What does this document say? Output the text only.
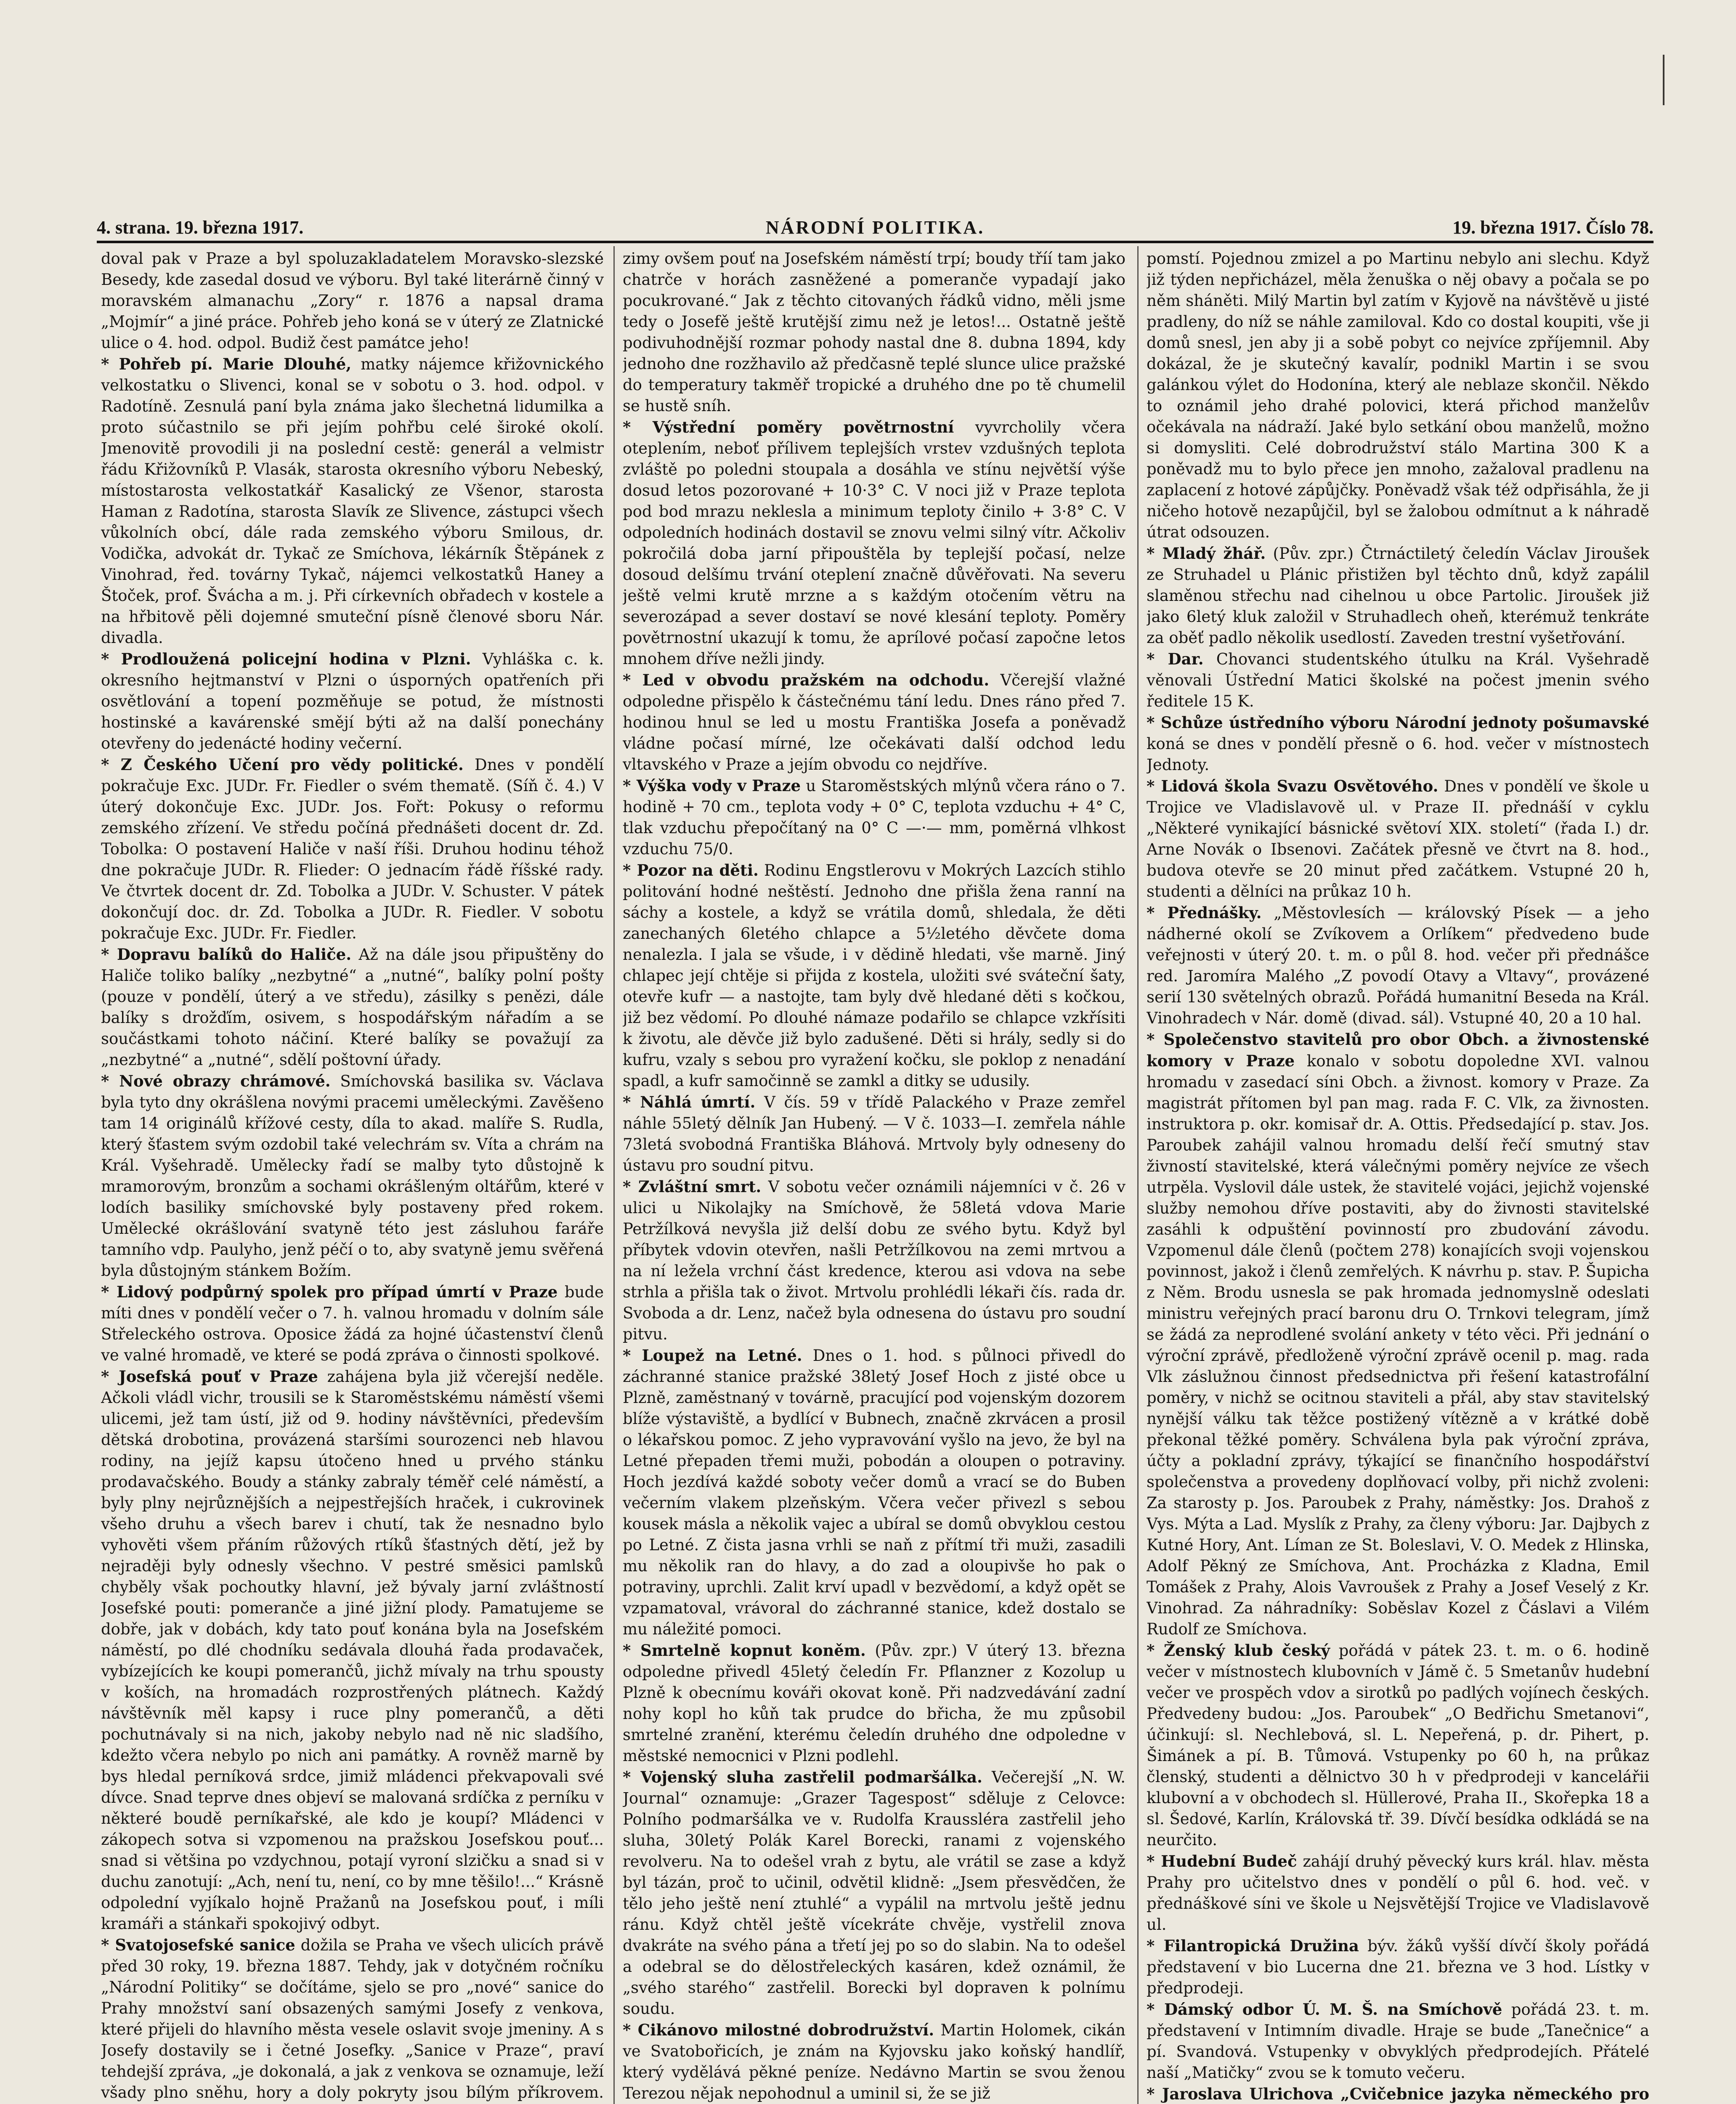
4. strana. 19. března 1917.	NÁRODNÍ POLITIKA.	19. března 1917. Číslo 78.

doval pak v Praze a byl spoluzakladatelem Moravsko-slezské Besedy, kde zasedal dosud ve výboru. Byl také literárně činný v moravském almanachu „Zory“ r. 1876 a napsal drama „Mojmír“ a jiné práce. Pohřeb jeho koná se v úterý ze Zlatnické ulice o 4. hod. odpol. Budiž čest památce jeho!

* Pohřeb pí. Marie Dlouhé, matky nájemce křižovnického velkostatku o Slivenci, konal se v sobotu o 3. hod. odpol. v Radotíně. Zesnulá paní byla známa jako šlechetná lidumilka a proto súčastnilo se při jejím pohřbu celé široké okolí. Jmenovitě provodili ji na poslední cestě: generál a velmistr řádu Křižovníků P. Vlasák, starosta okresního výboru Nebeský, místostarosta velkostatkář Kasalický ze Všenor, starosta Haman z Radotína, starosta Slavík ze Slivence, zástupci všech vůkolních obcí, dále rada zemského výboru Smilous, dr. Vodička, advokát dr. Tykač ze Smíchova, lékárník Štěpánek z Vinohrad, řed. továrny Tykač, nájemci velkostatků Haney a Štoček, prof. Švácha a m. j. Při církevních obřadech v kostele a na hřbitově pěli dojemné smuteční písně členové sboru Nár. divadla.

* Prodloužená policejní hodina v Plzni. Vyhláška c. k. okresního hejtmanství v Plzni o úsporných opatřeních při osvětlování a topení pozměňuje se potud, že místnosti hostinské a kavárenské smějí býti až na další ponechány otevřeny do jedenácté hodiny večerní.

* Z Českého Učení pro vědy politické. Dnes v pondělí pokračuje Exc. JUDr. Fr. Fiedler o svém thematě. (Síň č. 4.) V úterý dokončuje Exc. JUDr. Jos. Fořt: Pokusy o reformu zemského zřízení. Ve středu počíná přednášeti docent dr. Zd. Tobolka: O postavení Haliče v naší říši. Druhou hodinu téhož dne pokračuje JUDr. R. Flieder: O jednacím řádě říšské rady. Ve čtvrtek docent dr. Zd. Tobolka a JUDr. V. Schuster. V pátek dokončují doc. dr. Zd. Tobolka a JUDr. R. Fiedler. V sobotu pokračuje Exc. JUDr. Fr. Fiedler.

* Dopravu balíků do Haliče. Až na dále jsou připuštěny do Haliče toliko balíky „nezbytné“ a „nutné“, balíky polní pošty (pouze v pondělí, úterý a ve středu), zásilky s penězi, dále balíky s drožďím, osivem, s hospodářským nářadím a se součástkami tohoto náčiní. Které balíky se považují za „nezbytné“ a „nutné“, sdělí poštovní úřady.

* Nové obrazy chrámové. Smíchovská basilika sv. Václava byla tyto dny okrášlena novými pracemi uměleckými. Zavěšeno tam 14 originálů křížové cesty, díla to akad. malíře S. Rudla, který šťastem svým ozdobil také velechrám sv. Víta a chrám na Král. Vyšehradě. Umělecky řadí se malby tyto důstojně k mramorovým, bronzům a sochami okrášleným oltářům, které v lodích basiliky smíchovské byly postaveny před rokem. Umělecké okrášlování svatyně této jest zásluhou faráře tamního vdp. Paulyho, jenž péčí o to, aby svatyně jemu svěřená byla důstojným stánkem Božím.

* Lidový podpůrný spolek pro případ úmrtí v Praze bude míti dnes v pondělí večer o 7. h. valnou hromadu v dolním sále Střeleckého ostrova. Oposice žádá za hojné účastenství členů ve valné hromadě, ve které se podá zpráva o činnosti spolkové.

* Josefská pouť v Praze zahájena byla již včerejší neděle. Ačkoli vládl vichr, trousili se k Staroměstskému náměstí všemi ulicemi, jež tam ústí, již od 9. hodiny návštěvníci, především dětská drobotina, provázená staršími sourozenci neb hlavou rodiny, na jejíž kapsu útočeno hned u prvého stánku prodavačského. Boudy a stánky zabraly téměř celé náměstí, a byly plny nejrůznějších a nejpestřejších hraček, i cukrovinek všeho druhu a všech barev i chutí, tak že nesnadno bylo vyhověti všem přáním růžových rtíků šťastných dětí, jež by nejraději byly odnesly všechno. V pestré směsici pamlsků chyběly však pochoutky hlavní, jež bývaly jarní zvláštností Josefské pouti: pomeranče a jiné jižní plody. Pamatujeme se dobře, jak v dobách, kdy tato pouť konána byla na Josefském náměstí, po dlé chodníku sedávala dlouhá řada prodavaček, vybízejících ke koupi pomerančů, jichž mívaly na trhu spousty v koších, na hromadách rozprostřených plátnech. Každý návštěvník měl kapsy i ruce plny pomerančů, a děti pochutnávaly si na nich, jakoby nebylo nad ně nic sladšího, kdežto včera nebylo po nich ani památky. A rovněž marně by bys hledal perníková srdce, jimiž mládenci překvapovali své dívce. Snad teprve dnes objeví se malovaná srdíčka z perníku v některé boudě perníkařské, ale kdo je koupí? Mládenci v zákopech sotva si vzpomenou na pražskou Josefskou pouť... snad si většina po vzdychnou, potají vyroní slzičku a snad si v duchu zanotují: „Ach, není tu, není, co by mne těšilo!...“ Krásně odpolední vyjíkalo hojně Pražanů na Josefskou pouť, i míli kramáři a stánkaři spokojivý odbyt.

* Svatojosefské sanice dožila se Praha ve všech ulicích právě před 30 roky, 19. března 1887. Tehdy, jak v dotyčném ročníku „Národní Politiky“ se dočítáme, sjelo se pro „nové“ sanice do Prahy množství saní obsazených samými Josefy z venkova, které přijeli do hlavního města vesele oslavit svoje jmeniny. A s Josefy dostavily se i četné Josefky. „Sanice v Praze“, praví tehdejší zpráva, „je dokonalá, a jak z venkova se oznamuje, leží všady plno sněhu, hory a doly pokryty jsou bílým příkrovem.

zimy ovšem pouť na Josefském náměstí trpí; boudy tříí tam jako chatrče v horách zasněžené a pomeranče vypadají jako pocukrované.“ Jak z těchto citovaných řádků vidno, měli jsme tedy o Josefě ještě krutější zimu než je letos!... Ostatně ještě podivuhodnější rozmar pohody nastal dne 8. dubna 1894, kdy jednoho dne rozžhavilo až předčasně teplé slunce ulice pražské do temperatury takměř tropické a druhého dne po tě chumelil se hustě sníh.

* Výstřední poměry povětrnostní vyvrcholily včera oteplením, neboť přílivem teplejších vrstev vzdušných teplota zvláště po poledni stoupala a dosáhla ve stínu největší výše dosud letos pozorované + 10·3° C. V noci již v Praze teplota pod bod mrazu neklesla a minimum teploty činilo + 3·8° C. V odpoledních hodinách dostavil se znovu velmi silný vítr. Ačkoliv pokročilá doba jarní připouštěla by teplejší počasí, nelze dosoud delšímu trvání oteplení značně důvěřovati. Na severu ještě velmi krutě mrzne a s každým otočením větru na severozápad a sever dostaví se nové klesání teploty. Poměry povětrnostní ukazují k tomu, že aprílové počasí započne letos mnohem dříve nežli jindy.

* Led v obvodu pražském na odchodu. Včerejší vlažné odpoledne přispělo k částečnému tání ledu. Dnes ráno před 7. hodinou hnul se led u mostu Františka Josefa a poněvadž vládne počasí mírné, lze očekávati další odchod ledu vltavského v Praze a jejím obvodu co nejdříve.

* Výška vody v Praze u Staroměstských mlýnů včera ráno o 7. hodině + 70 cm., teplota vody + 0° C, teplota vzduchu + 4° C, tlak vzduchu přepočítaný na 0° C —·— mm, poměrná vlhkost vzduchu 75/0.

* Pozor na děti. Rodinu Engstlerovu v Mokrých Lazcích stihlo politování hodné neštěstí. Jednoho dne přišla žena ranní na sáchy a kostele, a když se vrátila domů, shledala, že děti zanechaných 6letého chlapce a 5½letého děvčete doma nenalezla. I jala se všude, i v dědině hledati, vše marně. Jiný chlapec její chtěje si přijda z kostela, uložiti své sváteční šaty, otevře kufr — a nastojte, tam byly dvě hledané děti s kočkou, již bez vědomí. Po dlouhé námaze podařilo se chlapce vzkřísiti k životu, ale děvče již bylo zadušené. Děti si hrály, sedly si do kufru, vzaly s sebou pro vyražení kočku, sle poklop z nenadání spadl, a kufr samočinně se zamkl a ditky se udusily.

* Náhlá úmrtí. V čís. 59 v třídě Palackého v Praze zemřel náhle 55letý dělník Jan Hubený. — V č. 1033—I. zemřela náhle 73letá svobodná Františka Bláhová. Mrtvoly byly odneseny do ústavu pro soudní pitvu.

* Zvláštní smrt. V sobotu večer oznámili nájemníci v č. 26 v ulici u Nikolajky na Smíchově, že 58letá vdova Marie Petržílková nevyšla již delší dobu ze svého bytu. Když byl příbytek vdovin otevřen, našli Petržílkovou na zemi mrtvou a na ní ležela vrchní část kredence, kterou asi vdova na sebe strhla a přišla tak o život. Mrtvolu prohlédli lékaři čís. rada dr. Svoboda a dr. Lenz, načež byla odnesena do ústavu pro soudní pitvu.

* Loupež na Letné. Dnes o 1. hod. s půlnoci přivedl do záchranné stanice pražské 38letý Josef Hoch z jisté obce u Plzně, zaměstnaný v továrně, pracující pod vojenským dozorem blíže výstaviště, a bydlící v Bubnech, značně zkrvácen a prosil o lékařskou pomoc. Z jeho vypravování vyšlo na jevo, že byl na Letné přepaden třemi muži, pobodán a oloupen o potraviny. Hoch jezdívá každé soboty večer domů a vrací se do Buben večerním vlakem plzeňským. Včera večer přivezl s sebou kousek másla a několik vajec a ubíral se domů obvyklou cestou po Letné. Z čista jasna vrhli se naň z přítmí tři muži, zasadili mu několik ran do hlavy, a do zad a oloupivše ho pak o potraviny, uprchli. Zalit krví upadl v bezvědomí, a když opět se vzpamatoval, vrávoral do záchranné stanice, kdež dostalo se mu náležité pomoci.

* Smrtelně kopnut koněm. (Pův. zpr.) V úterý 13. března odpoledne přivedl 45letý čeledín Fr. Pflanzner z Kozolup u Plzně k obecnímu kováři okovat koně. Při nadzvedávání zadní nohy kopl ho kůň tak prudce do břicha, že mu způsobil smrtelné zranění, kterému čeledín druhého dne odpoledne v městské nemocnici v Plzni podlehl.

* Vojenský sluha zastřelil podmaršálka. Večerejší „N. W. Journal“ oznamuje: „Grazer Tagespost“ sděluje z Celovce: Polního podmaršálka ve v. Rudolfa Kraussléra zastřelil jeho sluha, 30letý Polák Karel Borecki, ranami z vojenského revolveru. Na to odešel vrah z bytu, ale vrátil se zase a když byl tázán, proč to učinil, odvětil klidně: „Jsem přesvědčen, že tělo jeho ještě není ztuhlé“ a vypálil na mrtvolu ještě jednu ránu. Když chtěl ještě vícekráte chvěje, vystřelil znova dvakráte na svého pána a třetí jej po so do slabin. Na to odešel a odebral se do dělostřeleckých kasáren, kdež oznámil, že „svého starého“ zastřelil. Borecki byl dopraven k polnímu soudu.

* Cikánovo milostné dobrodružství. Martin Holomek, cikán ve Svatobořicích, je znám na Kyjovsku jako koňský handlíř, který vydělává pěkné peníze. Nedávno Martin se svou ženou Terezou nějak nepohodnul a uminil si, že se již

pomstí. Pojednou zmizel a po Martinu nebylo ani slechu. Když již týden nepřicházel, měla ženuška o něj obavy a počala se po něm sháněti. Milý Martin byl zatím v Kyjově na návštěvě u jisté pradleny, do níž se náhle zamiloval. Kdo co dostal koupiti, vše ji domů snesl, jen aby ji a sobě pobyt co nejvíce zpříjemnil. Aby dokázal, že je skutečný kavalír, podnikl Martin i se svou galánkou výlet do Hodonína, který ale neblaze skončil. Někdo to oznámil jeho drahé polovici, která přichod manželův očekávala na nádraží. Jaké bylo setkání obou manželů, možno si domysliti. Celé dobrodružství stálo Martina 300 K a poněvadž mu to bylo přece jen mnoho, zažaloval pradlenu na zaplacení z hotové zápůjčky. Poněvadž však též odpřisáhla, že ji ničeho hotově nezapůjčil, byl se žalobou odmítnut a k náhradě útrat odsouzen.

* Mladý žhář. (Pův. zpr.) Čtrnáctiletý čeledín Václav Jiroušek ze Struhadel u Plánic přistižen byl těchto dnů, když zapálil slaměnou střechu nad cihelnou u obce Partolic. Jiroušek již jako 6letý kluk založil v Struhadlech oheň, kterémuž tenkráte za oběť padlo několik usedlostí. Zaveden trestní vyšetřování.

* Dar. Chovanci studentského útulku na Král. Vyšehradě věnovali Ústřední Matici školské na počest jmenin svého ředitele 15 K.

* Schůze ústředního výboru Národní jednoty pošumavské koná se dnes v pondělí přesně o 6. hod. večer v místnostech Jednoty.

* Lidová škola Svazu Osvětového. Dnes v pondělí ve škole u Trojice ve Vladislavově ul. v Praze II. přednáší v cyklu „Některé vynikající básnické světoví XIX. století“ (řada I.) dr. Arne Novák o Ibsenovi. Začátek přesně ve čtvrt na 8. hod., budova otevře se 20 minut před začátkem. Vstupné 20 h, studenti a dělníci na průkaz 10 h.

* Přednášky. „Městovlesích — královský Písek — a jeho nádherné okolí se Zvíkovem a Orlíkem“ předvedeno bude veřejnosti v úterý 20. t. m. o půl 8. hod. večer při přednášce red. Jaromíra Malého „Z povodí Otavy a Vltavy“, provázené serií 130 světelných obrazů. Pořádá humanitní Beseda na Král. Vinohradech v Nár. domě (divad. sál). Vstupné 40, 20 a 10 hal.

* Společenstvo stavitelů pro obor Obch. a živnostenské komory v Praze konalo v sobotu dopoledne XVI. valnou hromadu v zasedací síni Obch. a živnost. komory v Praze. Za magistrát přítomen byl pan mag. rada F. C. Vlk, za živnosten. instruktora p. okr. komisař dr. A. Ottis. Předsedající p. stav. Jos. Paroubek zahájil valnou hromadu delší řečí smutný stav živností stavitelské, která válečnými poměry nejvíce ze všech utrpěla. Vyslovil dále ustek, že stavitelé vojáci, jejichž vojenské služby nemohou dříve postaviti, aby do živnosti stavitelské zasáhli k odpuštění povinností pro zbudování závodu. Vzpomenul dále členů (počtem 278) konajících svoji vojenskou povinnost, jakož i členů zemřelých. K návrhu p. stav. P. Šupicha z Něm. Brodu usnesla se pak hromada jednomyslně odeslati ministru veřejných prací baronu dru O. Trnkovi telegram, jímž se žádá za neprodlené svolání ankety v této věci. Při jednání o výroční zprávě, předloženě výroční zprávě ocenil p. mag. rada Vlk záslužnou činnost předsednictva při řešení katastrofální poměry, v nichž se ocitnou staviteli a přál, aby stav stavitelský nynější válku tak těžce postižený vítězně a v krátké době překonal těžké poměry. Schválena byla pak výroční zpráva, účty a pokladní zprávy, týkající se finančního hospodářství společenstva a provedeny doplňovací volby, při nichž zvoleni: Za starosty p. Jos. Paroubek z Prahy, náměstky: Jos. Drahoš z Vys. Mýta a Lad. Myslík z Prahy, za členy výboru: Jar. Dajbych z Kutné Hory, Ant. Líman ze St. Boleslavi, V. O. Medek z Hlinska, Adolf Pěkný ze Smíchova, Ant. Procházka z Kladna, Emil Tomášek z Prahy, Alois Vavroušek z Prahy a Josef Veselý z Kr. Vinohrad. Za náhradníky: Soběslav Kozel z Čáslavi a Vilém Rudolf ze Smíchova.

* Ženský klub český pořádá v pátek 23. t. m. o 6. hodině večer v místnostech klubovních v Jámě č. 5 Smetanův hudební večer ve prospěch vdov a sirotků po padlých vojínech českých. Předvedeny budou: „Jos. Paroubek“ „O Bedřichu Smetanovi“, účinkují: sl. Nechlebová, sl. L. Nepeřená, p. dr. Pihert, p. Šimánek a pí. B. Tůmová. Vstupenky po 60 h, na průkaz členský, studenti a dělnictvo 30 h v předprodeji v kancelářii klubovní a v obchodech sl. Hüllerové, Praha II., Skořepka 18 a sl. Šedové, Karlín, Královská tř. 39. Dívčí besídka odkládá se na neurčito.

* Hudební Budeč zahájí druhý pěvecký kurs král. hlav. města Prahy pro učitelstvo dnes v pondělí o půl 6. hod. več. v přednáškové síni ve škole u Nejsvětější Trojice ve Vladislavově ul.

* Filantropická Družina býv. žáků vyšší dívčí školy pořádá představení v bio Lucerna dne 21. března ve 3 hod. Lístky v předprodeji.

* Dámský odbor Ú. M. Š. na Smíchově pořádá 23. t. m. představení v Intimním divadle. Hraje se bude „Tanečnice“ a pí. Svandová. Vstupenky v obvyklých předprodejích. Přátelé naší „Matičky“ zvou se k tomuto večeru.

* Jaroslava Ulrichova „Cvičebnice jazyka německého pro
